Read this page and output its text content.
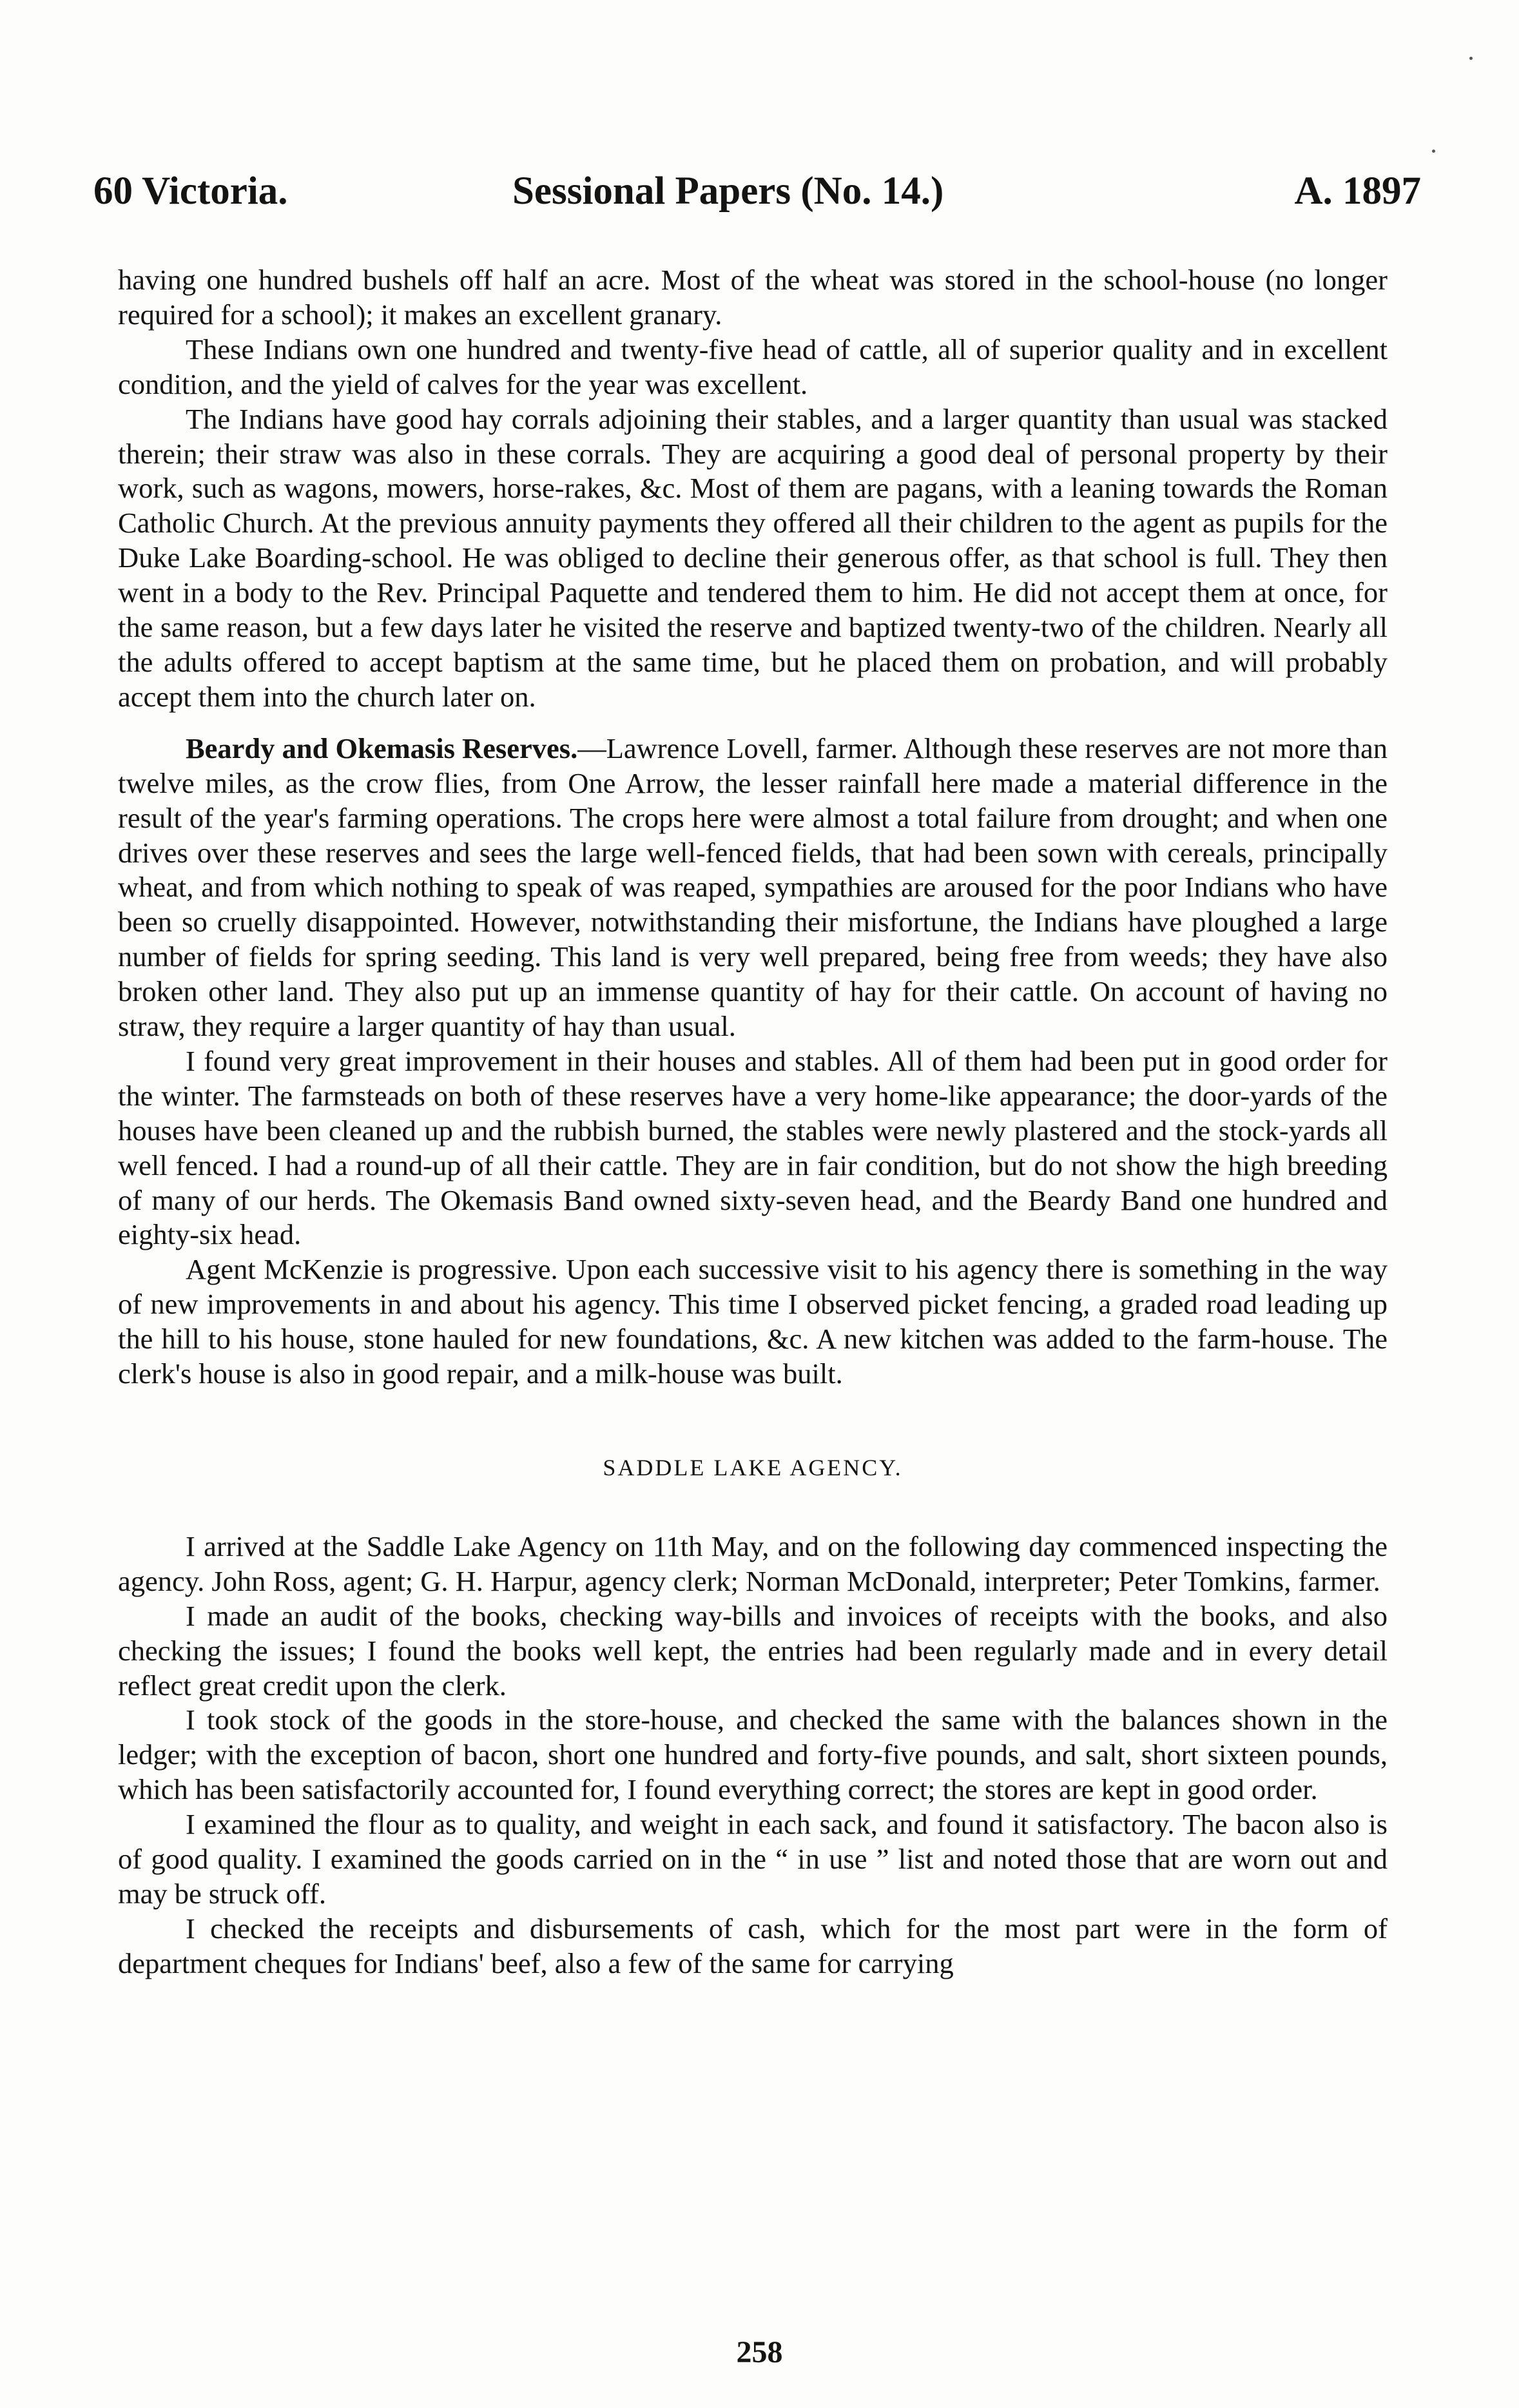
60 Victoria.	Sessional Papers (No. 14.)	A. 1897

having one hundred bushels off half an acre. Most of the wheat was stored in the school-house (no longer required for a school); it makes an excellent granary.

These Indians own one hundred and twenty-five head of cattle, all of superior quality and in excellent condition, and the yield of calves for the year was excellent.

The Indians have good hay corrals adjoining their stables, and a larger quantity than usual was stacked therein; their straw was also in these corrals. They are acquiring a good deal of personal property by their work, such as wagons, mowers, horse-rakes, &c. Most of them are pagans, with a leaning towards the Roman Catholic Church. At the previous annuity payments they offered all their children to the agent as pupils for the Duke Lake Boarding-school. He was obliged to decline their generous offer, as that school is full. They then went in a body to the Rev. Principal Paquette and tendered them to him. He did not accept them at once, for the same reason, but a few days later he visited the reserve and baptized twenty-two of the children. Nearly all the adults offered to accept baptism at the same time, but he placed them on probation, and will probably accept them into the church later on.

Beardy and Okemasis Reserves.—Lawrence Lovell, farmer. Although these reserves are not more than twelve miles, as the crow flies, from One Arrow, the lesser rainfall here made a material difference in the result of the year's farming operations. The crops here were almost a total failure from drought; and when one drives over these reserves and sees the large well-fenced fields, that had been sown with cereals, principally wheat, and from which nothing to speak of was reaped, sympathies are aroused for the poor Indians who have been so cruelly disappointed. However, notwithstanding their misfortune, the Indians have ploughed a large number of fields for spring seeding. This land is very well prepared, being free from weeds; they have also broken other land. They also put up an immense quantity of hay for their cattle. On account of having no straw, they require a larger quantity of hay than usual.

I found very great improvement in their houses and stables. All of them had been put in good order for the winter. The farmsteads on both of these reserves have a very home-like appearance; the door-yards of the houses have been cleaned up and the rubbish burned, the stables were newly plastered and the stock-yards all well fenced. I had a round-up of all their cattle. They are in fair condition, but do not show the high breeding of many of our herds. The Okemasis Band owned sixty-seven head, and the Beardy Band one hundred and eighty-six head.

Agent McKenzie is progressive. Upon each successive visit to his agency there is something in the way of new improvements in and about his agency. This time I observed picket fencing, a graded road leading up the hill to his house, stone hauled for new foundations, &c. A new kitchen was added to the farm-house. The clerk's house is also in good repair, and a milk-house was built.

SADDLE LAKE AGENCY.

I arrived at the Saddle Lake Agency on 11th May, and on the following day commenced inspecting the agency. John Ross, agent; G. H. Harpur, agency clerk; Norman McDonald, interpreter; Peter Tomkins, farmer.

I made an audit of the books, checking way-bills and invoices of receipts with the books, and also checking the issues; I found the books well kept, the entries had been regularly made and in every detail reflect great credit upon the clerk.

I took stock of the goods in the store-house, and checked the same with the balances shown in the ledger; with the exception of bacon, short one hundred and forty-five pounds, and salt, short sixteen pounds, which has been satisfactorily accounted for, I found everything correct; the stores are kept in good order.

I examined the flour as to quality, and weight in each sack, and found it satisfactory. The bacon also is of good quality. I examined the goods carried on in the “ in use ” list and noted those that are worn out and may be struck off.

I checked the receipts and disbursements of cash, which for the most part were in the form of department cheques for Indians' beef, also a few of the same for carrying

258
